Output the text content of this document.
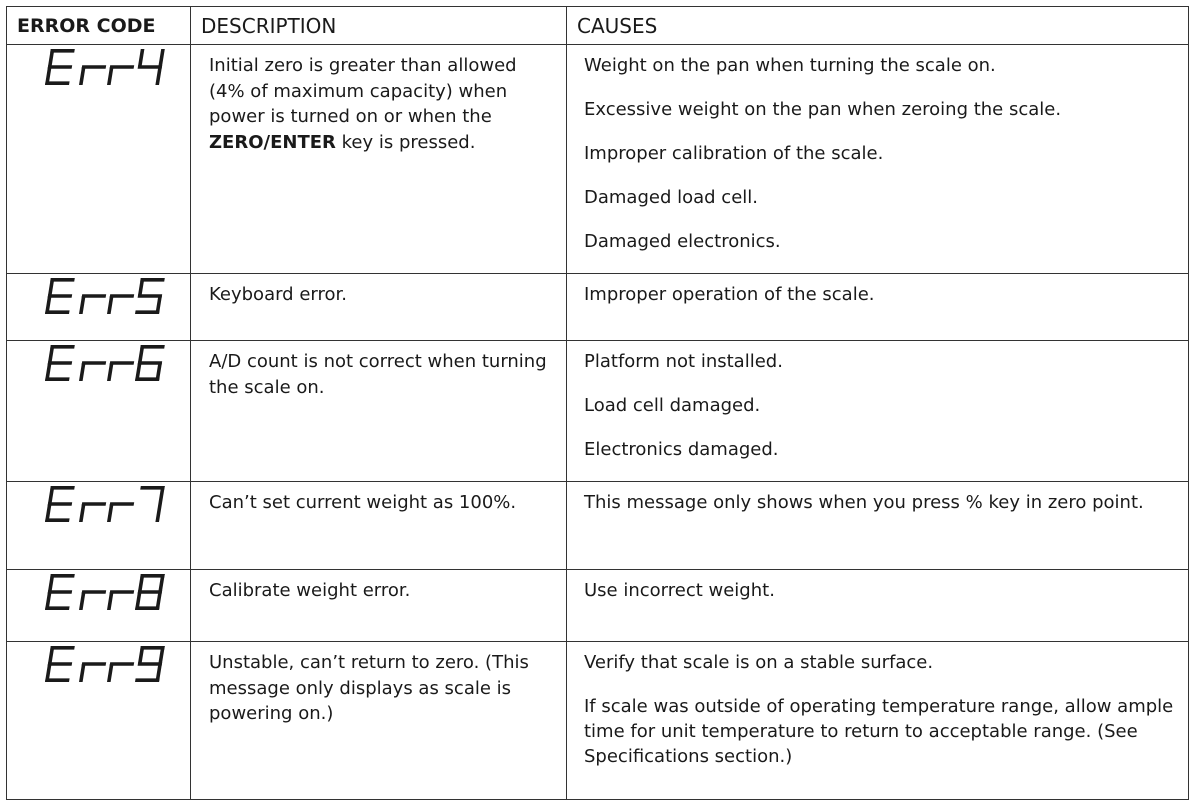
ERROR CODE	DESCRIPTION	CAUSES

	Initial zero is greater than allowed (4% of maximum capacity) when power is turned on or when the ZERO/ENTER key is pressed.	Weight on the pan when turning the scale on.
Excessive weight on the pan when zeroing the scale.
Improper calibration of the scale.
Damaged load cell.
Damaged electronics.

	Keyboard error.	Improper operation of the scale.

	A/D count is not correct when turning the scale on.	Platform not installed.
Load cell damaged.
Electronics damaged.

	Can’t set current weight as 100%.	This message only shows when you press % key in zero point.

	Calibrate weight error.	Use incorrect weight.

	Unstable, can’t return to zero. (This message only displays as scale is powering on.)	Verify that scale is on a stable surface.
If scale was outside of operating temperature range, allow ample time for unit temperature to return to acceptable range. (See Specifications section.)
